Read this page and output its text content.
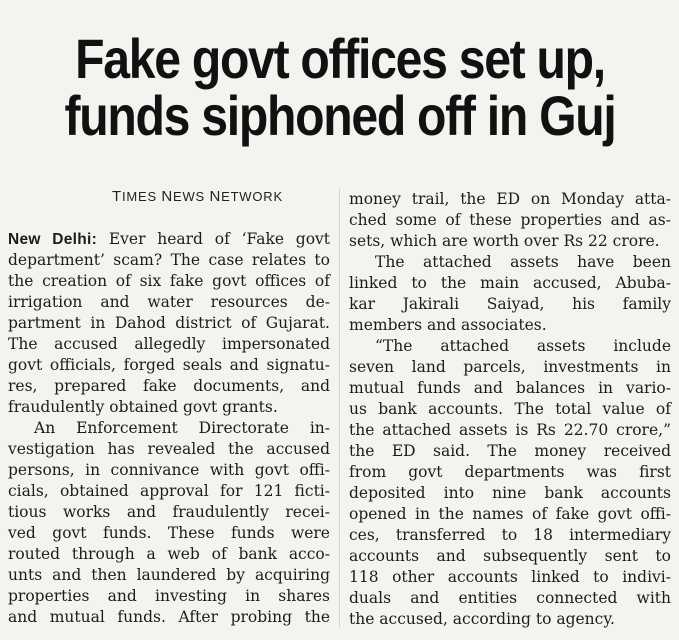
Fake govt offices set up,
funds siphoned off in Guj
TIMES NEWS NETWORK
New Delhi: Ever heard of ‘Fake govt
department’ scam? The case relates to
the creation of six fake govt offices of
irrigation and water resources de-
partment in Dahod district of Gujarat.
The accused allegedly impersonated
govt officials, forged seals and signatu-
res, prepared fake documents, and
fraudulently obtained govt grants.
An Enforcement Directorate in-
vestigation has revealed the accused
persons, in connivance with govt offi-
cials, obtained approval for 121 ficti-
tious works and fraudulently recei-
ved govt funds. These funds were
routed through a web of bank acco-
unts and then laundered by acquiring
properties and investing in shares
and mutual funds. After probing the
money trail, the ED on Monday atta-
ched some of these properties and as-
sets, which are worth over Rs 22 crore.
The attached assets have been
linked to the main accused, Abuba-
kar Jakirali Saiyad, his family
members and associates.
“The attached assets include
seven land parcels, investments in
mutual funds and balances in vario-
us bank accounts. The total value of
the attached assets is Rs 22.70 crore,”
the ED said. The money received
from govt departments was first
deposited into nine bank accounts
opened in the names of fake govt offi-
ces, transferred to 18 intermediary
accounts and subsequently sent to
118 other accounts linked to indivi-
duals and entities connected with
the accused, according to agency.
